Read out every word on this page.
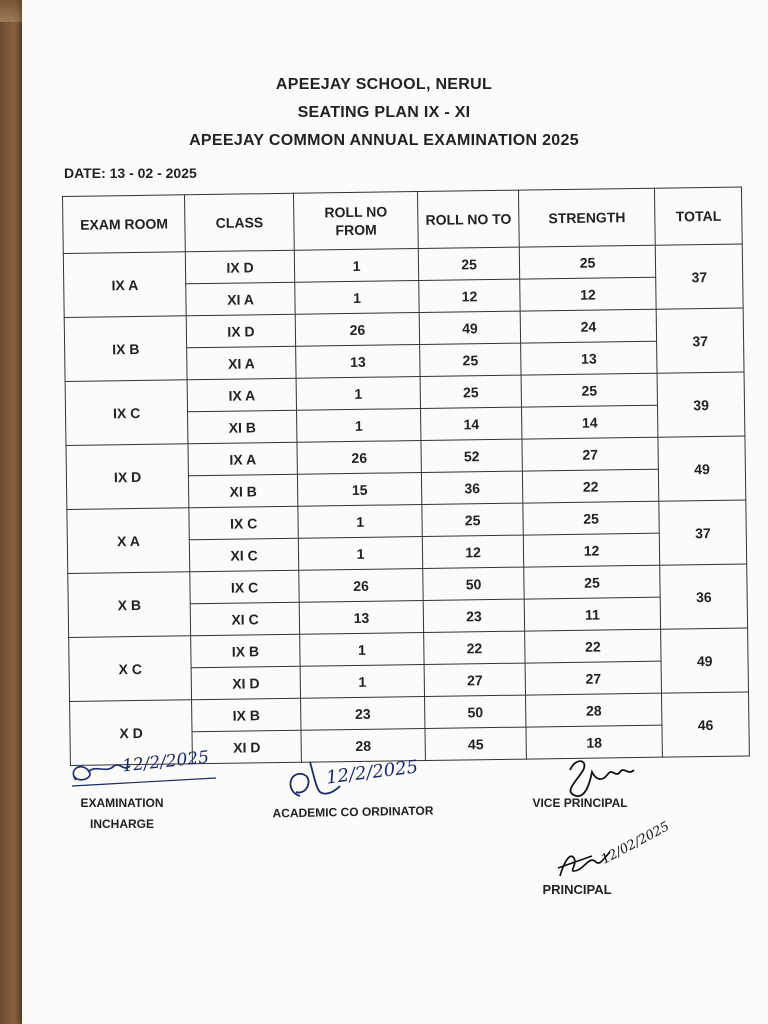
APEEJAY SCHOOL, NERUL
SEATING PLAN IX - XI
APEEJAY COMMON ANNUAL EXAMINATION 2025
DATE: 13 - 02 - 2025
EXAM ROOM	CLASS	ROLL NO FROM	ROLL NO TO	STRENGTH	TOTAL
IX A	IX D	1	25	25	37
	XI A	1	12	12	
IX B	IX D	26	49	24	37
	XI A	13	25	13	
IX C	IX A	1	25	25	39
	XI B	1	14	14	
IX D	IX A	26	52	27	49
	XI B	15	36	22	
X A	IX C	1	25	25	37
	XI C	1	12	12	
X B	IX C	26	50	25	36
	XI C	13	23	11	
X C	IX B	1	22	22	49
	XI D	1	27	27	
X D	IX B	23	50	28	46
	XI D	28	45	18	
12/2/2025
EXAMINATION
INCHARGE
12/2/2025
ACADEMIC CO ORDINATOR
VICE PRINCIPAL
12/02/2025
PRINCIPAL
